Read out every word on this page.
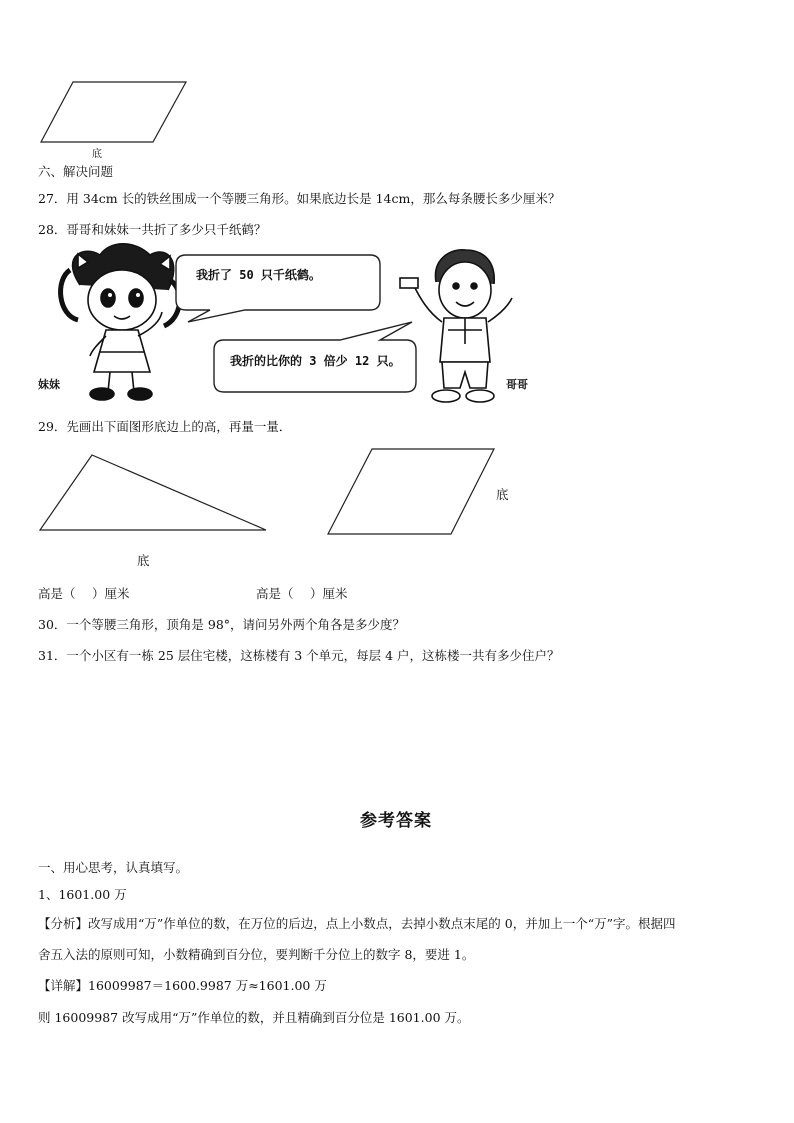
底
六、解决问题
27．用 34cm 长的铁丝围成一个等腰三角形。如果底边长是 14cm，那么每条腰长多少厘米？
28．哥哥和妹妹一共折了多少只千纸鹤？
我折了 50 只千纸鹤。
我折的比你的 3 倍少 12 只。
妹妹	哥哥
29．先画出下面图形底边上的高，再量一量．
底
底
高是（　 ）厘米	高是（　 ）厘米
30．一个等腰三角形，顶角是 98°，请问另外两个角各是多少度？
31．一个小区有一栋 25 层住宅楼，这栋楼有 3 个单元，每层 4 户，这栋楼一共有多少住户？
参考答案
一、用心思考，认真填写。
1、1601.00 万
【分析】改写成用“万”作单位的数，在万位的后边，点上小数点，去掉小数点末尾的 0，并加上一个“万”字。根据四
舍五入法的原则可知，小数精确到百分位，要判断千分位上的数字 8，要进 1。
【详解】16009987＝1600.9987 万≈1601.00 万
则 16009987 改写成用“万”作单位的数，并且精确到百分位是 1601.00 万。
